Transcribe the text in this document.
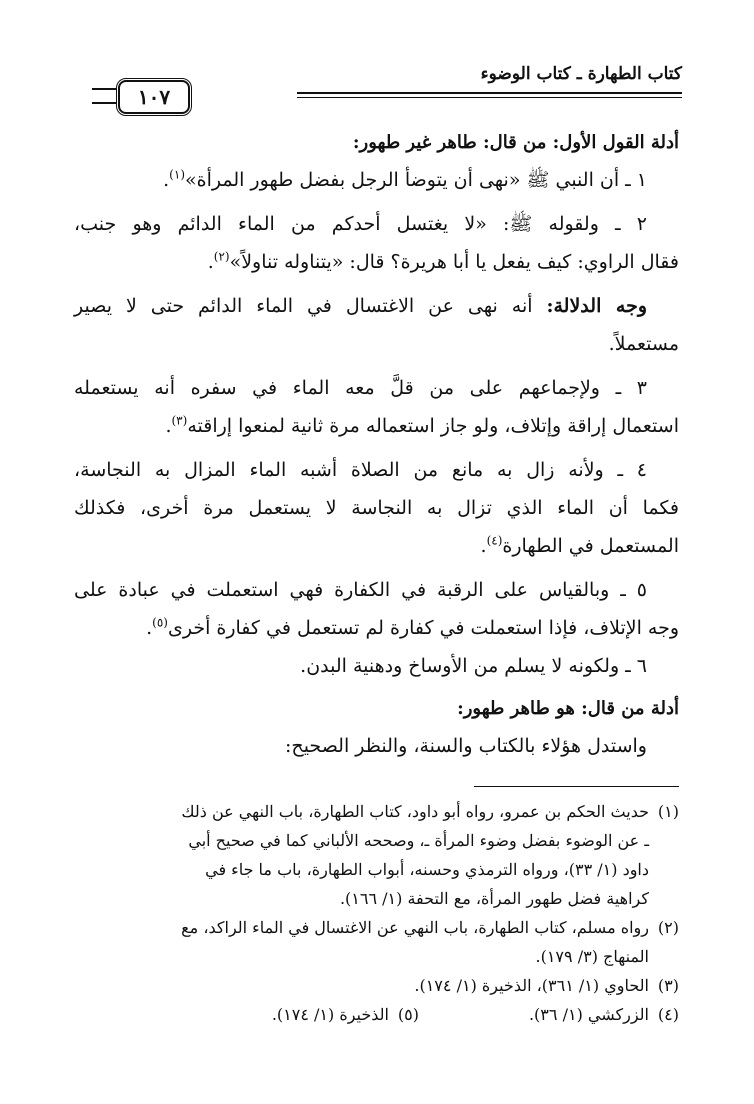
كتاب الطهارة ـ كتاب الوضوء
١٠٧
أدلة القول الأول: من قال: طاهر غير طهور:
١ ـ أن النبي ﷺ «نهى أن يتوضأ الرجل بفضل طهور المرأة»$^{(١)}$.
٢ ـ ولقوله ﷺ: «لا يغتسل أحدكم من الماء الدائم وهو جنب،
فقال الراوي: كيف يفعل يا أبا هريرة؟ قال: «يتناوله تناولاً»$^{(٢)}$.
وجه الدلالة: أنه نهى عن الاغتسال في الماء الدائم حتى لا يصير
مستعملاً.
٣ ـ ولإجماعهم على من قلَّ معه الماء في سفره أنه يستعمله
استعمال إراقة وإتلاف، ولو جاز استعماله مرة ثانية لمنعوا إراقته$^{(٣)}$.
٤ ـ ولأنه زال به مانع من الصلاة أشبه الماء المزال به النجاسة،
فكما أن الماء الذي تزال به النجاسة لا يستعمل مرة أخرى، فكذلك
المستعمل في الطهارة$^{(٤)}$.
٥ ـ وبالقياس على الرقبة في الكفارة فهي استعملت في عبادة على
وجه الإتلاف، فإذا استعملت في كفارة لم تستعمل في كفارة أخرى$^{(٥)}$.
٦ ـ ولكونه لا يسلم من الأوساخ ودهنية البدن.
أدلة من قال: هو طاهر طهور:
واستدل هؤلاء بالكتاب والسنة، والنظر الصحيح:
(١)
حديث الحكم بن عمرو، رواه أبو داود، كتاب الطهارة، باب النهي عن ذلك
ـ عن الوضوء بفضل وضوء المرأة ـ، وصححه الألباني كما في صحيح أبي
داود (١/ ٣٣)، ورواه الترمذي وحسنه، أبواب الطهارة، باب ما جاء في
كراهية فضل طهور المرأة، مع التحفة (١/ ١٦٦).
(٢)
رواه مسلم، كتاب الطهارة، باب النهي عن الاغتسال في الماء الراكد، مع
المنهاج (٣/ ١٧٩).
(٣)
الحاوي (١/ ٣٦١)، الذخيرة (١/ ١٧٤).
(٤)
الزركشي (١/ ٣٦).
(٥)
الذخيرة (١/ ١٧٤).
